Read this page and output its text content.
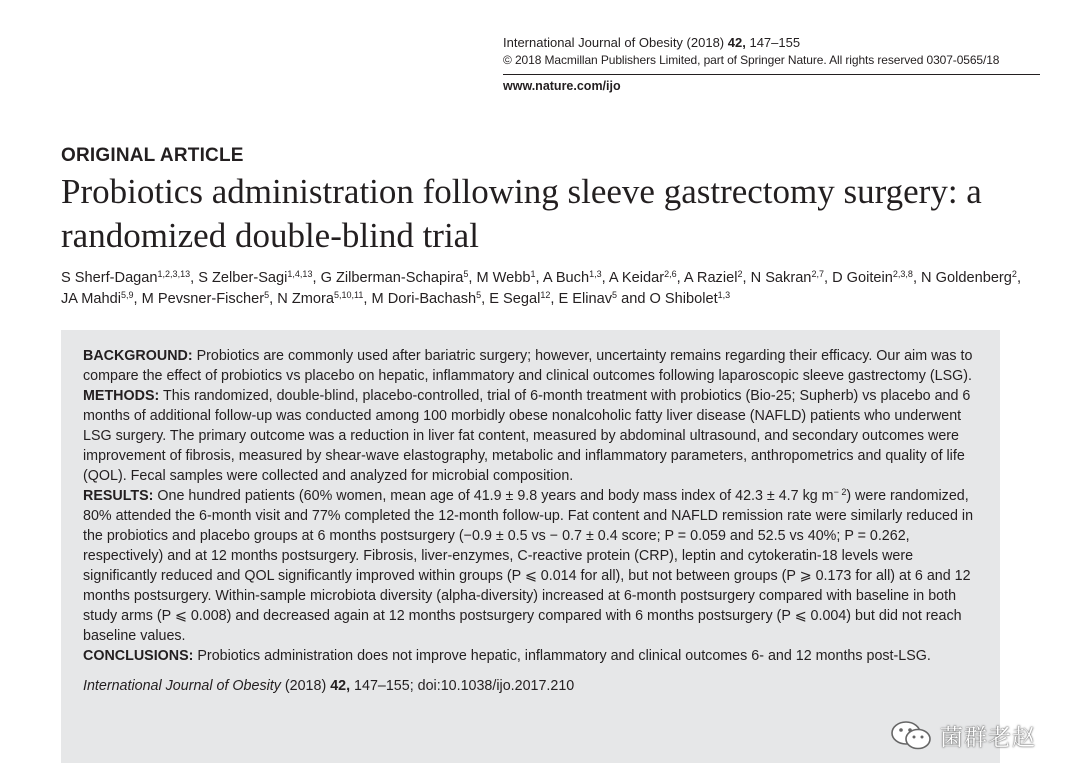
International Journal of Obesity (2018) 42, 147–155
© 2018 Macmillan Publishers Limited, part of Springer Nature. All rights reserved 0307-0565/18
www.nature.com/ijo
ORIGINAL ARTICLE
Probiotics administration following sleeve gastrectomy surgery: a randomized double-blind trial
S Sherf-Dagan$^{1,2,3,13}$, S Zelber-Sagi$^{1,4,13}$, G Zilberman-Schapira$^5$, M Webb$^1$, A Buch$^{1,3}$, A Keidar$^{2,6}$, A Raziel$^2$, N Sakran$^{2,7}$, D Goitein$^{2,3,8}$, N Goldenberg$^2$, JA Mahdi$^{5,9}$, M Pevsner-Fischer$^5$, N Zmora$^{5,10,11}$, M Dori-Bachash$^5$, E Segal$^{12}$, E Elinav$^5$ and O Shibolet$^{1,3}$

BACKGROUND: Probiotics are commonly used after bariatric surgery; however, uncertainty remains regarding their efficacy. Our aim was to compare the effect of probiotics vs placebo on hepatic, inflammatory and clinical outcomes following laparoscopic sleeve gastrectomy (LSG).

METHODS: This randomized, double-blind, placebo-controlled, trial of 6-month treatment with probiotics (Bio-25; Supherb) vs placebo and 6 months of additional follow-up was conducted among 100 morbidly obese nonalcoholic fatty liver disease (NAFLD) patients who underwent LSG surgery. The primary outcome was a reduction in liver fat content, measured by abdominal ultrasound, and secondary outcomes were improvement of fibrosis, measured by shear-wave elastography, metabolic and inflammatory parameters, anthropometrics and quality of life (QOL). Fecal samples were collected and analyzed for microbial composition.

RESULTS: One hundred patients (60% women, mean age of 41.9 ± 9.8 years and body mass index of 42.3 ± 4.7 kg $m^{- 2}$) were randomized, 80% attended the 6-month visit and 77% completed the 12-month follow-up. Fat content and NAFLD remission rate were similarly reduced in the probiotics and placebo groups at 6 months postsurgery (−0.9 ± 0.5 vs − 0.7 ± 0.4 score; P = 0.059 and 52.5 vs 40%; P = 0.262, respectively) and at 12 months postsurgery. Fibrosis, liver-enzymes, C-reactive protein (CRP), leptin and cytokeratin-18 levels were significantly reduced and QOL significantly improved within groups (P ⩽ 0.014 for all), but not between groups (P ⩾ 0.173 for all) at 6 and 12 months postsurgery. Within-sample microbiota diversity (alpha-diversity) increased at 6-month postsurgery compared with baseline in both study arms (P ⩽ 0.008) and decreased again at 12 months postsurgery compared with 6 months postsurgery (P ⩽ 0.004) but did not reach baseline values.

CONCLUSIONS: Probiotics administration does not improve hepatic, inflammatory and clinical outcomes 6- and 12 months post-LSG.

International Journal of Obesity (2018) 42, 147–155; doi:10.1038/ijo.2017.210

菌群老赵
